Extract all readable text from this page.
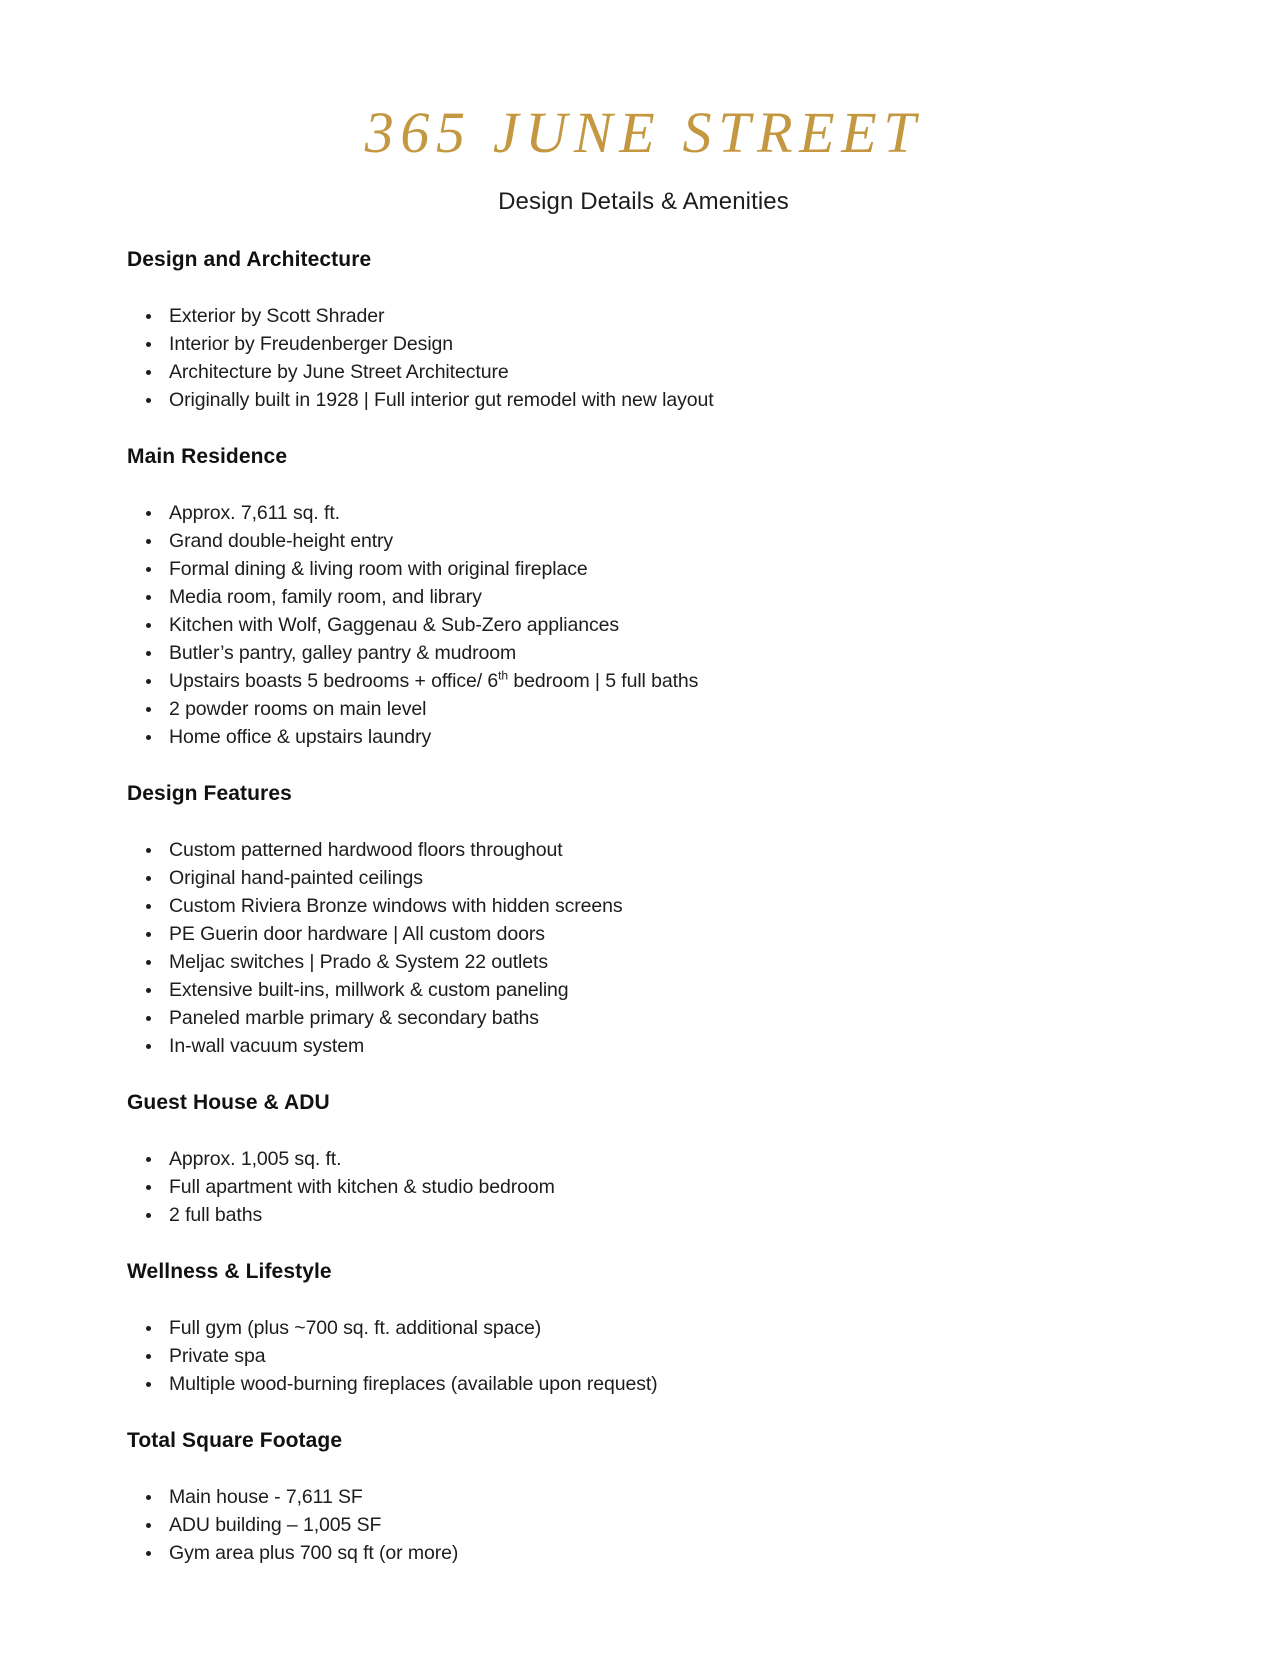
365 JUNE STREET
Design Details & Amenities
Design and Architecture
Exterior by Scott Shrader
Interior by Freudenberger Design
Architecture by June Street Architecture
Originally built in 1928 | Full interior gut remodel with new layout
Main Residence
Approx. 7,611 sq. ft.
Grand double-height entry
Formal dining & living room with original fireplace
Media room, family room, and library
Kitchen with Wolf, Gaggenau & Sub-Zero appliances
Butler’s pantry, galley pantry & mudroom
Upstairs boasts 5 bedrooms + office/ 6th bedroom | 5 full baths
2 powder rooms on main level
Home office & upstairs laundry
Design Features
Custom patterned hardwood floors throughout
Original hand-painted ceilings
Custom Riviera Bronze windows with hidden screens
PE Guerin door hardware | All custom doors
Meljac switches | Prado & System 22 outlets
Extensive built-ins, millwork & custom paneling
Paneled marble primary & secondary baths
In-wall vacuum system
Guest House & ADU
Approx. 1,005 sq. ft.
Full apartment with kitchen & studio bedroom
2 full baths
Wellness & Lifestyle
Full gym (plus ~700 sq. ft. additional space)
Private spa
Multiple wood-burning fireplaces (available upon request)
Total Square Footage
Main house - 7,611 SF
ADU building – 1,005 SF
Gym area plus 700 sq ft (or more)
